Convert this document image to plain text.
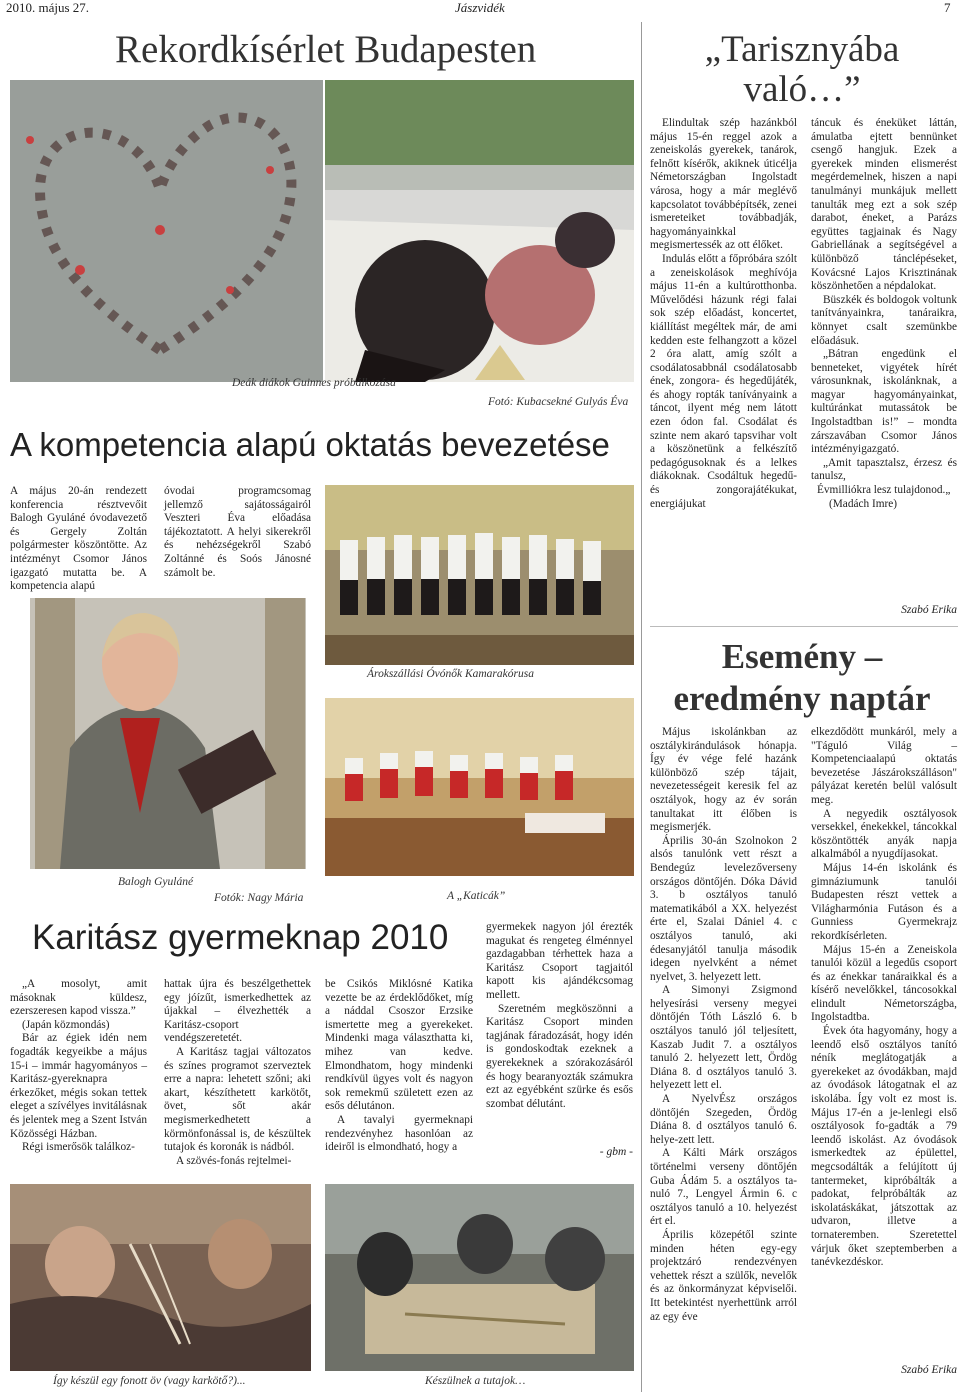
2010. május 27.	Jászvidék	7
Rekordkísérlet Budapesten
Deák diákok Guinnes próbálkozása
Fotó: Kubacsekné Gulyás Éva
A kompetencia alapú oktatás bevezetése

A május 20-án rendezett konferencia résztvevőit Balogh Gyuláné óvodavezető és Gergely Zoltán polgármester köszöntötte. Az intézményt Csomor János igazgató mutatta be. A kompetencia alapú

óvodai programcsomag jellemző sajátosságairól Veszteri Éva előadása tájékoztatott. A helyi sikerekről és nehézségekről Szabó Zoltánné és Soós Jánosné számolt be.

Árokszállási Óvónők Kamarakórusa
Balogh Gyuláné
Fotók: Nagy Mária	A „Katicák”
„Tarisznyába
való…”

Elindultak szép hazánkból május 15-én reggel azok a zeneiskolás gyerekek, tanárok, felnőtt kísérők, akiknek úticélja Németországban Ingolstadt városa, hogy a már meglévő kapcsolatot továbbépítsék, zenei ismereteiket továbbadják, hagyományainkkal megismertessék az ott élőket.

Indulás előtt a főpróbára szólt a zeneiskolások meghívója május 11-én a kultúrotthonba. Művelődési házunk régi falai sok szép előadást, koncertet, kiállítást megéltek már, de ami kedden este felhangzott a közel 2 óra alatt, amíg szólt a csodálatosabbnál csodálatosabb ének, zongora- és hegedűjáték, és ahogy ropták taníványaink a táncot, ilyent még nem látott ezen ódon fal. Csodálat és szinte nem akaró tapsvihar volt a köszönetünk a felkészítő pedagógusoknak és a lelkes diákoknak. Csodáltuk hegedű- és zongorajátékukat, energiájukat

táncuk és éneküket láttán, ámulatba ejtett bennünket csengő hangjuk. Ezek a gyerekek minden elismerést megérdemelnek, hiszen a napi tanulmányi munkájuk mellett tanulták meg ezt a sok szép darabot, éneket, a Parázs együttes tagjainak és Nagy Gabriellának a segítségével a különböző tánclépéseket, Kovácsné Lajos Krisztinának köszönhetően a népdalokat.

Büszkék és boldogok voltunk tanítványainkra, tanáraikra, könnyet csalt szemünkbe előadásuk.

„Bátran engedünk el benneteket, vigyétek hírét városunknak, iskolánknak, a magyar hagyományainkat, kultúránkat mutassátok be Ingolstadtban is!” – mondta zárszavában Csomor János intézményigazgató.

„Amit tapasztalsz, érzesz és tanulsz,

Évmilliókra lesz tulajdonod.„

(Madách Imre)

Szabó Erika
Esemény –
eredmény naptár

Május iskolánkban az osztálykirándulások hónapja. Így év vége felé hazánk különböző szép tájait, nevezetességeit keresik fel az osztályok, hogy az év során tanultakat itt élőben is megismerjék.

Április 30-án Szolnokon 2 alsós tanulónk vett részt a Bendegúz levelezőverseny országos döntőjén. Dóka Dávid 3. b osztályos tanuló matematikából a XX. helyezést érte el, Szalai Dániel 4. c osztályos tanuló, aki édesanyjától tanulja második idegen nyelvként a német nyelvet, 3. helyezett lett.

A Simonyi Zsigmond helyesírási verseny megyei döntőjén Tóth László 6. b osztályos tanuló jól teljesített, Kaszab Judit 7. a osztályos tanuló 2. helyezett lett, Ördög Diána 8. d osztályos tanuló 3. helyezett lett el.

A NyelvÉsz országos döntőjén Szegeden, Ördög Diána 8. d osztályos tanuló 6. helye-zett lett.

A Kálti Márk országos történelmi verseny döntőjén Guba Ádám 5. a osztályos ta-nuló 7., Lengyel Ármin 6. c osztályos tanuló a 10. helyezést ért el.

Április közepétől szinte minden héten egy-egy projektzáró rendezvényen vehettek részt a szülők, nevelők és az önkormányzat képviselői. Itt betekintést nyerhettünk arról az egy éve

elkezdődött munkáról, mely a "Táguló Világ – Kompetenciaalapú oktatás bevezetése Jászárokszálláson" pályázat keretén belül valósult meg.

A negyedik osztályosok versekkel, énekekkel, táncokkal köszöntötték anyák napja alkalmából a nyugdíjasokat.

Május 14-én iskolánk és gimnáziumunk tanulói Budapesten részt vettek a Világharmónia Futáson és a Gunniess Gyermekrajz rekordkísérleten.

Május 15-én a Zeneiskola tanulói közül a legedűs csoport és az énekkar tanáraikkal és a kísérő nevelőkkel, táncosokkal elindult Németországba, Ingolstadtba.

Évek óta hagyomány, hogy a leendő első osztályos tanító néník meglátogatják a gyerekeket az óvodákban, majd az óvodások látogatnak el az iskolába. Így volt ez most is. Május 17-én a je-lenlegi első osztályosok fo-gadták a 79 leendő iskolást. Az óvodások ismerkedtek az épülettel, megcsodálták a felújított új tantermeket, kipróbálták a padokat, felpróbálták az iskolatáskákat, játszottak az udvaron, illetve a tornateremben. Szeretettel várjuk őket szeptemberben a tanévkezdéskor.

Szabó Erika
Karitász gyermeknap 2010

„A mosolyt, amit másoknak küldesz, ezerszeresen kapod vissza.”

(Japán közmondás)

Bár az égiek idén nem fogadták kegyeikbe a május 15-i – immár hagyományos – Karitász-gyereknapra érkezőket, mégis sokan tettek eleget a szívélyes invitálásnak és jelentek meg a Szent István Közösségi Házban.

Régi ismerősök találkoz-

hattak újra és beszélgethettek egy jóízűt, ismerkedhettek az újakkal – élvezhették a Karitász-csoport vendégszeretetét.

A Karitász tagjai változatos és színes programot szerveztek erre a napra: lehetett szőni; aki akart, készíthetett karkötőt, övet, sőt akár megismerkedhetett a körmönfonással is, de készültek tutajok és koronák is nádból.

A szövés-fonás rejtelmei-

be Csikós Miklósné Katika vezette be az érdeklődőket, míg a náddal Csoszor Erzsike ismertette meg a gyerekeket. Mindenki maga választhatta ki, mihez van kedve. Elmondhatom, hogy mindenki rendkívül ügyes volt és nagyon sok remekmű született ezen az esős délutánon.

A tavalyi gyermeknapi rendezvényhez hasonlóan az ideiről is elmondható, hogy a

gyermekek nagyon jól érezték magukat és rengeteg élménnyel gazdagabban térhettek haza a Karitász Csoport tagjaitól kapott kis ajándékcsomag mellett.

Szeretném megköszönni a Karitász Csoport minden tagjának fáradozását, hogy idén is gondoskodtak ezeknek a gyerekeknek a szórakozásáról és hogy bearanyozták számukra ezt az egyébként szürke és esős szombat délutánt.

- gbm -
Így készül egy fonott öv (vagy karkötő?)...	Készülnek a tutajok…
